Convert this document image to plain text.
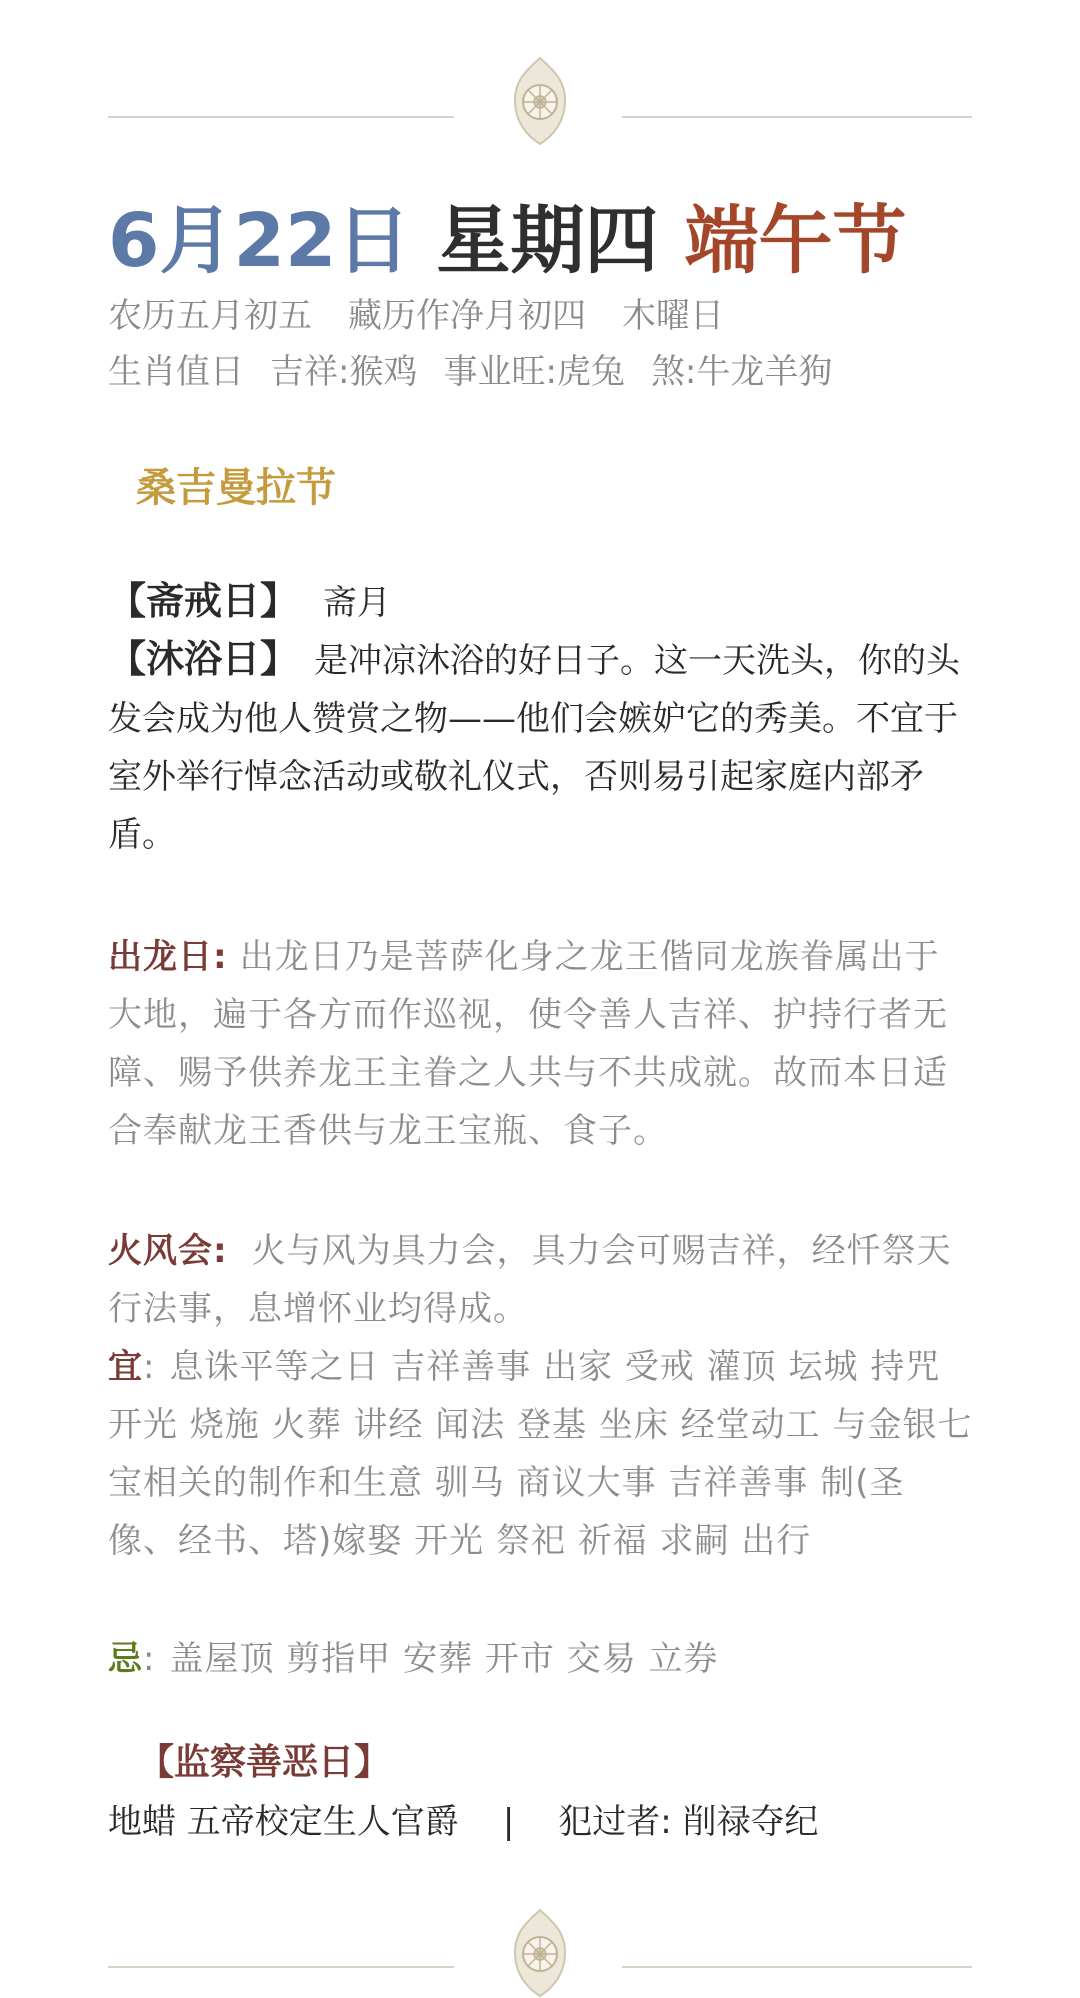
6月22日 星期四 端午节
农历五月初五 藏历作净月初四 木曜日
生肖值日 吉祥:猴鸡 事业旺:虎兔 煞:牛龙羊狗
桑吉曼拉节
【斋戒日】 斋月
【沐浴日】 是冲凉沐浴的好日子。这一天洗头，你的头发会成为他人赞赏之物——他们会嫉妒它的秀美。不宜于室外举行悼念活动或敬礼仪式，否则易引起家庭内部矛盾。
出龙日: 出龙日乃是菩萨化身之龙王偕同龙族眷属出于大地，遍于各方而作巡视，使令善人吉祥、护持行者无障、赐予供养龙王主眷之人共与不共成就。故而本日适合奉献龙王香供与龙王宝瓶、食子。
火风会: 火与风为具力会，具力会可赐吉祥，经忏祭天行法事，息增怀业均得成。
宜: 息诛平等之日 吉祥善事 出家 受戒 灌顶 坛城 持咒 开光 烧施 火葬 讲经 闻法 登基 坐床 经堂动工 与金银七宝相关的制作和生意 驯马 商议大事 吉祥善事 制(圣像、经书、塔)嫁娶 开光 祭祀 祈福 求嗣 出行
忌: 盖屋顶 剪指甲 安葬 开市 交易 立券
【监察善恶日】
地蜡 五帝校定生人官爵 | 犯过者: 削禄夺纪
